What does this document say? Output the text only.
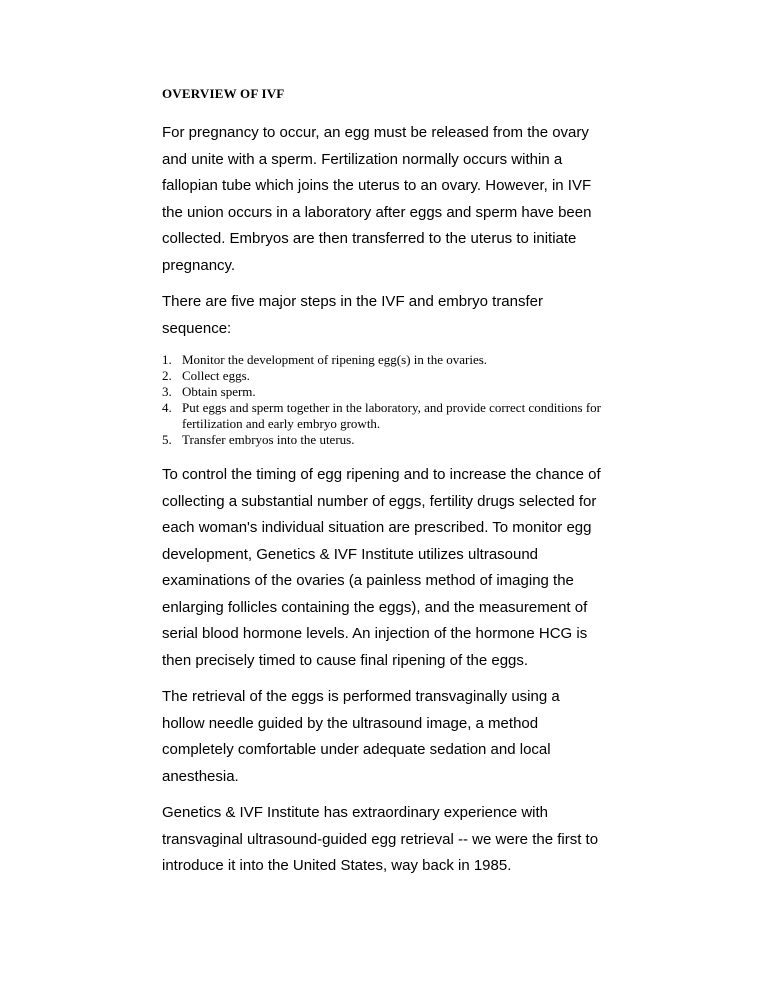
OVERVIEW OF IVF

For pregnancy to occur, an egg must be released from the ovary and unite with a sperm. Fertilization normally occurs within a fallopian tube which joins the uterus to an ovary. However, in IVF the union occurs in a laboratory after eggs and sperm have been collected. Embryos are then transferred to the uterus to initiate pregnancy.

There are five major steps in the IVF and embryo transfer sequence:

1. Monitor the development of ripening egg(s) in the ovaries.
2. Collect eggs.
3. Obtain sperm.
4. Put eggs and sperm together in the laboratory, and provide correct conditions for fertilization and early embryo growth.
5. Transfer embryos into the uterus.

To control the timing of egg ripening and to increase the chance of collecting a substantial number of eggs, fertility drugs selected for each woman's individual situation are prescribed. To monitor egg development, Genetics & IVF Institute utilizes ultrasound examinations of the ovaries (a painless method of imaging the enlarging follicles containing the eggs), and the measurement of serial blood hormone levels. An injection of the hormone HCG is then precisely timed to cause final ripening of the eggs.

The retrieval of the eggs is performed transvaginally using a hollow needle guided by the ultrasound image, a method completely comfortable under adequate sedation and local anesthesia.

Genetics & IVF Institute has extraordinary experience with transvaginal ultrasound-guided egg retrieval -- we were the first to introduce it into the United States, way back in 1985.
